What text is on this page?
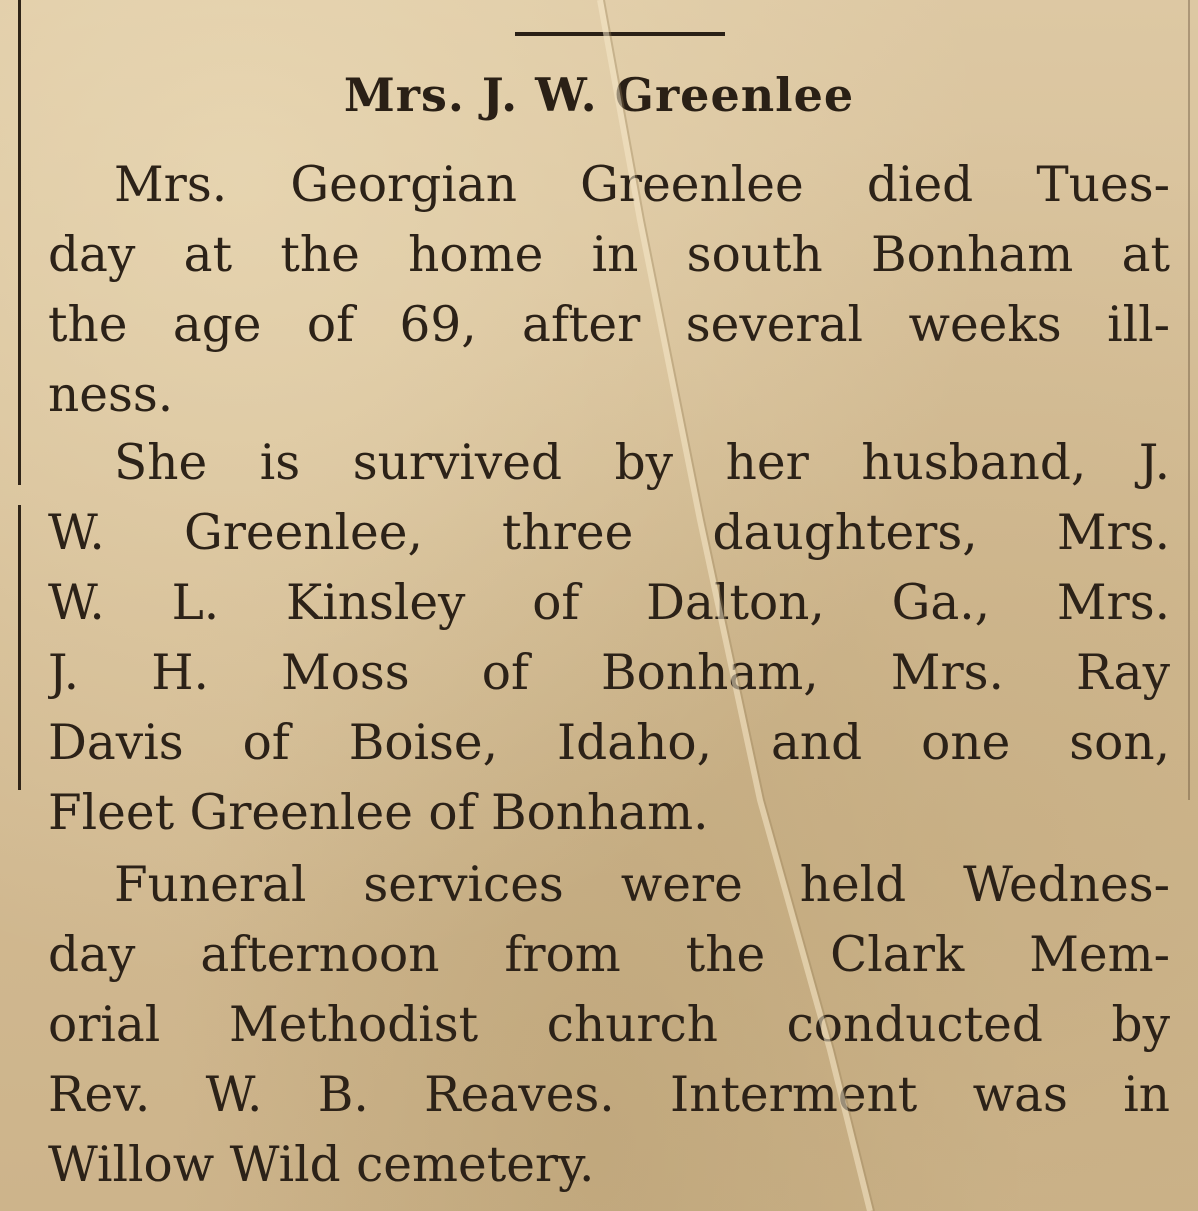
Mrs. J. W. Greenlee

Mrs. Georgian Greenlee died Tues-
day at the home in south Bonham at
the age of 69, after several weeks ill-
ness.

She is survived by her husband, J.
W. Greenlee, three daughters, Mrs.
W. L. Kinsley of Dalton, Ga., Mrs.
J. H. Moss of Bonham, Mrs. Ray
Davis of Boise, Idaho, and one son,
Fleet Greenlee of Bonham.

Funeral services were held Wednes-
day afternoon from the Clark Mem-
orial Methodist church conducted by
Rev. W. B. Reaves. Interment was in
Willow Wild cemetery.
